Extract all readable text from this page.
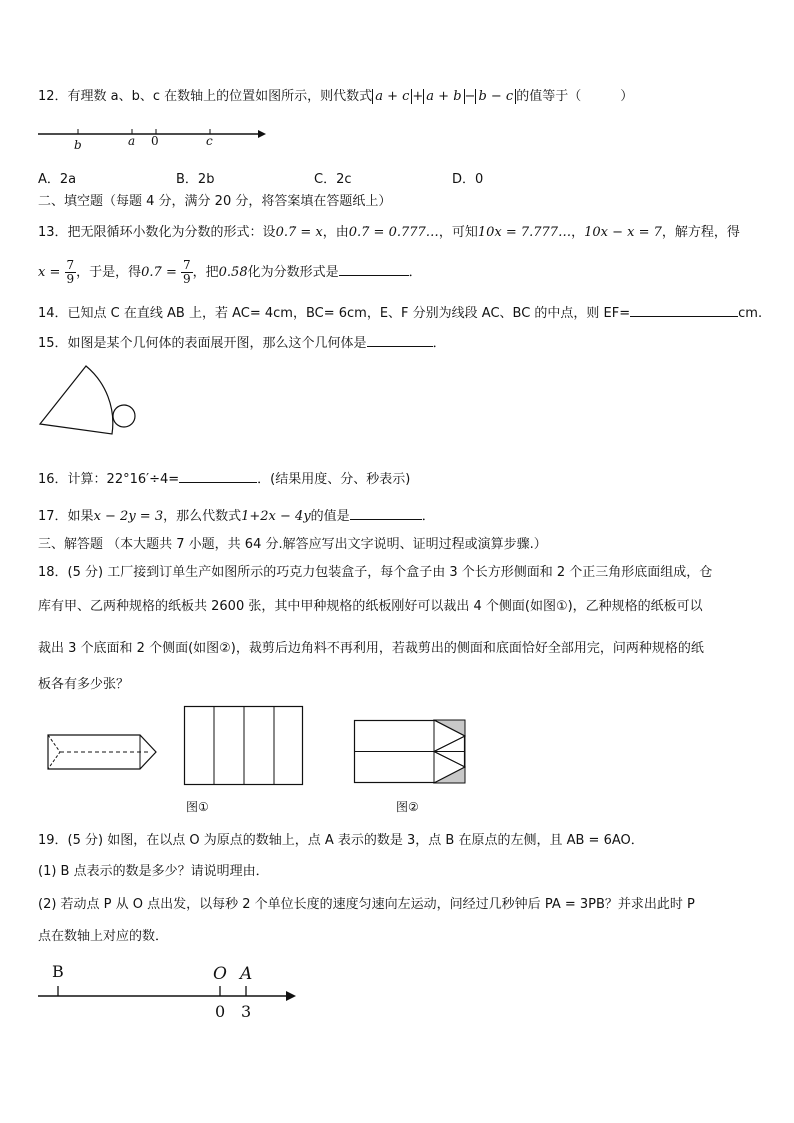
12．有理数 a、b、c 在数轴上的位置如图所示，则代数式 a + c + a + b − b − c 的值等于（　　　）
b	a 0	c
A．2a	B．2b	C．2c	D．0
二、填空题（每题 4 分，满分 20 分，将答案填在答题纸上）
13．把无限循环小数化为分数的形式：设0.7̇ = x，由0.7̇ = 0.777…，可知10x = 7.777…，10x − x = 7，解方程，得
$x = \frac{7}{9}$ ，于是，得0.7̇ = $\frac{7}{9}$ ，把0.5̇8̇化为分数形式是	．
14．已知点 C 在直线 AB 上，若 AC= 4cm，BC= 6cm，E、F 分别为线段 AC、BC 的中点，则 EF=	cm.
15．如图是某个几何体的表面展开图，那么这个几何体是	．
16．计算：22°16′÷4=	．(结果用度、分、秒表示)
17．如果x − 2y = 3，那么代数式1+2x − 4y的值是	．
三、解答题 （本大题共 7 小题，共 64 分.解答应写出文字说明、证明过程或演算步骤.）
18．(5 分) 工厂接到订单生产如图所示的巧克力包装盒子，每个盒子由 3 个长方形侧面和 2 个正三角形底面组成，仓
库有甲、乙两种规格的纸板共 2600 张，其中甲种规格的纸板刚好可以裁出 4 个侧面(如图①)，乙种规格的纸板可以
裁出 3 个底面和 2 个侧面(如图②)，裁剪后边角料不再利用，若裁剪出的侧面和底面恰好全部用完，问两种规格的纸
板各有多少张？
图①	图②
19．(5 分) 如图，在以点 O 为原点的数轴上，点 A 表示的数是 3，点 B 在原点的左侧，且 AB = 6AO．
(1) B 点表示的数是多少？请说明理由．
(2) 若动点 P 从 O 点出发，以每秒 2 个单位长度的速度匀速向左运动，问经过几秒钟后 PA = 3PB？并求出此时 P
点在数轴上对应的数．
B	O A
0 3
